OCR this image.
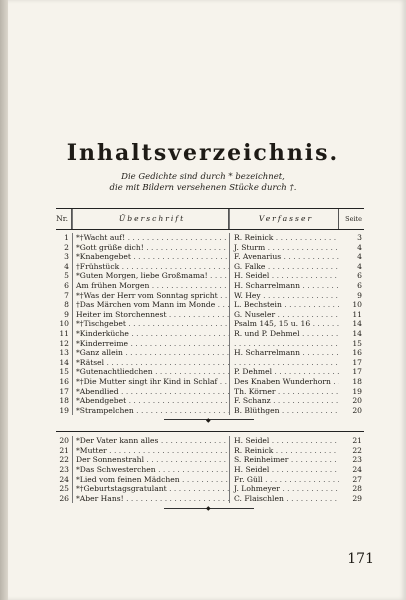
Inhaltsverzeichnis.
Die Gedichte sind durch * bezeichnet,
die mit Bildern versehenen Stücke durch †.
Nr.	Überschrift	Verfasser	Seite
1 *†Wacht auf! . . .	R. Reinick . . .	3
2 *Gott grüße dich! . . .	J. Sturm . . .	4
3 *Knabengebet . . .	F. Avenarius . . .	4
4 †Frühstück . . .	G. Falke . . .	4
5 *Guten Morgen, liebe Großmama! . . .	H. Seidel . . .	6
6 Am frühen Morgen . . .	H. Scharrelmann . . .	6
7 *†Was der Herr vom Sonntag spricht . . .	W. Hey . . .	9
8 †Das Märchen vom Mann im Monde . . .	L. Bechstein . . .	10
9 Heiter im Storchennest . . .	G. Nuseler . . .	11
10 *†Tischgebet . . .	Psalm 145, 15 u. 16 . . .	14
11 *Kinderküche . . .	R. und P. Dehmel . . .	14
12 *Kinderreime . . . . . .	15
13 *Ganz allein . . .	H. Scharrelmann . . .	16
14 *Rätsel . . . . . .	17
15 *Gutenachtliedchen . . .	P. Dehmel . . .	17
16 *†Die Mutter singt ihr Kind in Schlaf . . .	Des Knaben Wunderhorn . . .	18
17 *Abendlied . . .	Th. Körner . . .	19
18 *Abendgebet . . .	F. Schanz . . .	20
19 *Strampelchen . . .	B. Blüthgen . . .	20
◆
20 *Der Vater kann alles . . .	H. Seidel . . .	21
21 *Mutter . . .	R. Reinick . . .	22
22 Der Sonnenstrahl . . .	S. Reinheimer . . .	23
23 *Das Schwesterchen . . .	H. Seidel . . .	24
24 *Lied vom feinen Mädchen . . .	Fr. Güll . . .	27
25 *†Geburtstagsgratulant . . .	J. Lohmeyer . . .	28
26 *Aber Hans! . . .	C. Flaischlen . . .	29
◆
171
